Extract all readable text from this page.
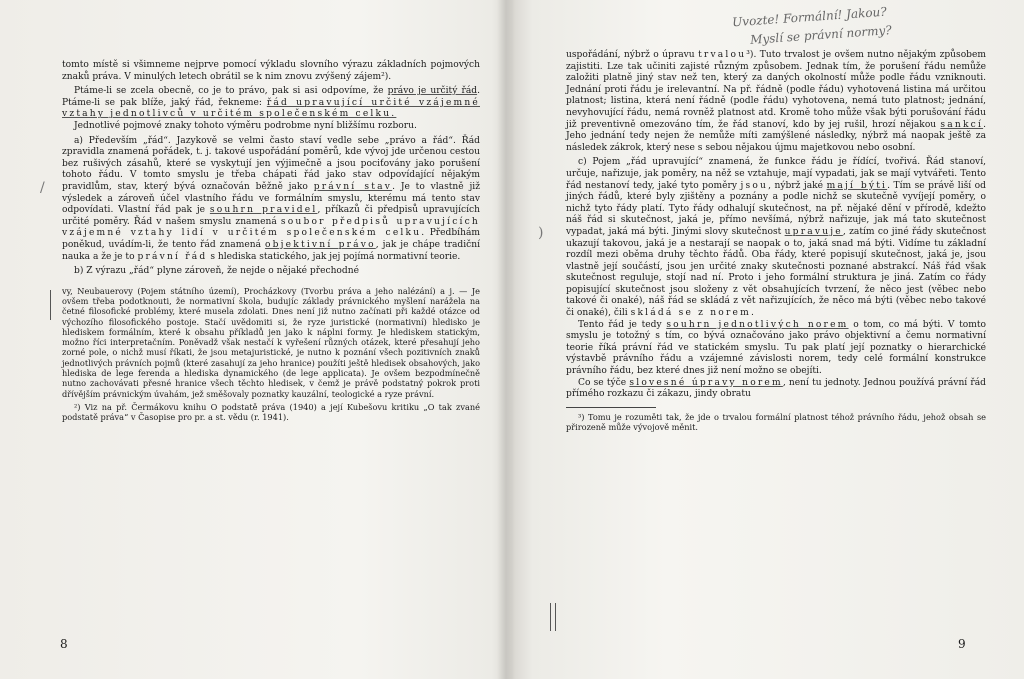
tomto místě si všimneme nejprve pomocí výkladu slovního výrazu základních pojmových znaků práva. V minulých letech obrátil se k nim znovu zvýšený zájem²).

Ptáme-li se zcela obecně, co je to právo, pak si asi odpovíme, že právo je určitý řád. Ptáme-li se pak blíže, jaký řád, řekneme: řád upravující určité vzájemné vztahy jednotlivců v určitém společenském celku.

Jednotlivé pojmové znaky tohoto výměru podrobme nyní bližšímu rozboru.

a) Především „řád“. Jazykově se velmi často staví vedle sebe „právo a řád“. Řád zpravidla znamená pořádek, t. j. takové uspořádání poměrů, kde vývoj jde určenou cestou bez rušivých zásahů, které se vyskytují jen výjimečně a jsou pociťovány jako porušení tohoto řádu. V tomto smyslu je třeba chápati řád jako stav odpovídající nějakým pravidlům, stav, který bývá označován běžně jako právní stav. Je to vlastně již výsledek a zároveň účel vlastního řádu ve formálním smyslu, kterému má tento stav odpovídati. Vlastní řád pak je souhrn pravidel, příkazů či předpisů upravujících určité poměry. Řád v našem smyslu znamená soubor předpisů upravujících vzájemné vztahy lidí v určitém společenském celku. Předbíhám poněkud, uvádím-li, že tento řád znamená objektivní právo, jak je chápe tradiční nauka a že je to právní řád s hlediska statického, jak jej pojímá normativní teorie.

b) Z výrazu „řád“ plyne zároveň, že nejde o nějaké přechodné

vy, Neubauerovy (Pojem státního území), Procházkovy (Tvorbu práva a jeho nalézání) a j. — Je ovšem třeba podotknouti, že normativní škola, budujíc základy právnického myšlení narážela na četné filosofické problémy, které musela zdolati. Dnes není již nutno začínati při každé otázce od výchozího filosofického postoje. Stačí uvědomiti si, že ryze juristické (normativní) hledisko je hlediskem formálním, které k obsahu příkladů jen jako k náplni formy. Je hlediskem statickým, možno říci interpretačním. Poněvadž však nestačí k vyřešení různých otázek, které přesahují jeho zorné pole, o nichž musí říkati, že jsou metajuristické, je nutno k poznání všech pozitivních znaků jednotlivých právních pojmů (které zasahují za jeho hranice) použíti ještě hledisek obsahových, jako hlediska de lege ferenda a hlediska dynamického (de lege applicata). Je ovšem bezpodmínečně nutno zachovávati přesné hranice všech těchto hledisek, v čemž je právě podstatný pokrok proti dřívějším právnickým úvahám, jež směšovaly poznatky kauzální, teologické a ryze právní.

²) Viz na př. Čermákovu knihu O podstatě práva (1940) a její Kubešovu kritiku „O tak zvané podstatě práva“ v Časopise pro pr. a st. vědu (r. 1941).

8
/
Uvozte! Formální! Jakou?
Myslí se právní normy?

uspořádání, nýbrž o úpravu trvalou³). Tuto trvalost je ovšem nutno nějakým způsobem zajistiti. Lze tak učiniti zajisté různým způsobem. Jednak tím, že porušení řádu nemůže založiti platně jiný stav než ten, který za daných okolností může podle řádu vzniknouti. Jednání proti řádu je irelevantní. Na př. řádně (podle řádu) vyhotovená listina má určitou platnost; listina, která není řádně (podle řádu) vyhotovena, nemá tuto platnost; jednání, nevyhovující řádu, nemá rovněž platnost atd. Kromě toho může však býti porušování řádu již preventivně omezováno tím, že řád stanoví, kdo by jej rušil, hrozí nějakou sankcí. Jeho jednání tedy nejen že nemůže míti zamýšlené následky, nýbrž má naopak ještě za následek zákrok, který nese s sebou nějakou újmu majetkovou nebo osobní.

c) Pojem „řád upravující“ znamená, že funkce řádu je řídící, tvořivá. Řád stanoví, určuje, nařizuje, jak poměry, na něž se vztahuje, mají vypadati, jak se mají vytvářeti. Tento řád nestanoví tedy, jaké tyto poměry jsou, nýbrž jaké mají býti. Tím se právě liší od jiných řádů, které byly zjištěny a poznány a podle nichž se skutečně vyvíjejí poměry, o nichž tyto řády platí. Tyto řády odhalují skutečnost, na př. nějaké dění v přírodě, kdežto náš řád si skutečnost, jaká je, přímo nevšímá, nýbrž nařizuje, jak má tato skutečnost vypadat, jaká má býti. Jinými slovy skutečnost upravuje, zatím co jiné řády skutečnost ukazují takovou, jaká je a nestarají se naopak o to, jaká snad má býti. Vidíme tu základní rozdíl mezi oběma druhy těchto řádů. Oba řády, které popisují skutečnost, jaká je, jsou vlastně její součástí, jsou jen určité znaky skutečnosti poznané abstrakcí. Náš řád však skutečnost reguluje, stojí nad ní. Proto i jeho formální struktura je jiná. Zatím co řády popisující skutečnost jsou složeny z vět obsahujících tvrzení, že něco jest (věbec nebo takové či onaké), náš řád se skládá z vět nařizujících, že něco má býti (věbec nebo takové či onaké), čili skládá se z norem.

Tento řád je tedy souhrn jednotlivých norem o tom, co má býti. V tomto smyslu je totožný s tím, co bývá označováno jako právo objektivní a čemu normativní teorie říká právní řád ve statickém smyslu. Tu pak platí její poznatky o hierarchické výstavbě právního řádu a vzájemné závislosti norem, tedy celé formální konstrukce právního řádu, bez které dnes již není možno se obejíti.

Co se týče slovesné úpravy norem, není tu jednoty. Jednou používá právní řád přímého rozkazu či zákazu, jindy obratu

³) Tomu je rozuměti tak, že jde o trvalou formální platnost téhož právního řádu, jehož obsah se přirozeně může vývojově měnit.

9
)
